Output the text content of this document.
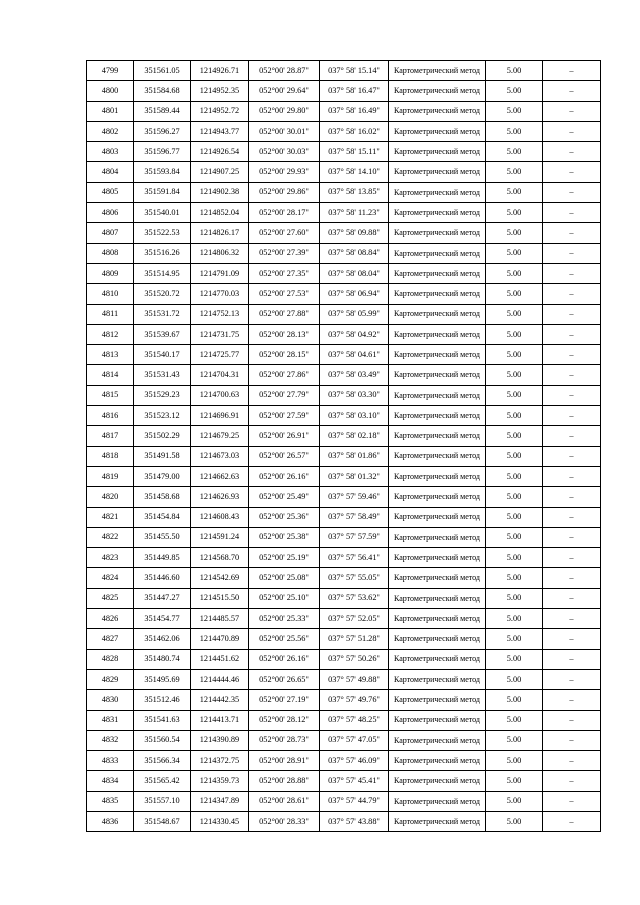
4799	351561.05	1214926.71	052°00' 28.87"	037° 58' 15.14"	Картометрический метод	5.00	–
4800	351584.68	1214952.35	052°00' 29.64"	037° 58' 16.47"	Картометрический метод	5.00	–
4801	351589.44	1214952.72	052°00' 29.80"	037° 58' 16.49"	Картометрический метод	5.00	–
4802	351596.27	1214943.77	052°00' 30.01"	037° 58' 16.02"	Картометрический метод	5.00	–
4803	351596.77	1214926.54	052°00' 30.03"	037° 58' 15.11"	Картометрический метод	5.00	–
4804	351593.84	1214907.25	052°00' 29.93"	037° 58' 14.10"	Картометрический метод	5.00	–
4805	351591.84	1214902.38	052°00' 29.86"	037° 58' 13.85"	Картометрический метод	5.00	–
4806	351540.01	1214852.04	052°00' 28.17"	037° 58' 11.23"	Картометрический метод	5.00	–
4807	351522.53	1214826.17	052°00' 27.60"	037° 58' 09.88"	Картометрический метод	5.00	–
4808	351516.26	1214806.32	052°00' 27.39"	037° 58' 08.84"	Картометрический метод	5.00	–
4809	351514.95	1214791.09	052°00' 27.35"	037° 58' 08.04"	Картометрический метод	5.00	–
4810	351520.72	1214770.03	052°00' 27.53"	037° 58' 06.94"	Картометрический метод	5.00	–
4811	351531.72	1214752.13	052°00' 27.88"	037° 58' 05.99"	Картометрический метод	5.00	–
4812	351539.67	1214731.75	052°00' 28.13"	037° 58' 04.92"	Картометрический метод	5.00	–
4813	351540.17	1214725.77	052°00' 28.15"	037° 58' 04.61"	Картометрический метод	5.00	–
4814	351531.43	1214704.31	052°00' 27.86"	037° 58' 03.49"	Картометрический метод	5.00	–
4815	351529.23	1214700.63	052°00' 27.79"	037° 58' 03.30"	Картометрический метод	5.00	–
4816	351523.12	1214696.91	052°00' 27.59"	037° 58' 03.10"	Картометрический метод	5.00	–
4817	351502.29	1214679.25	052°00' 26.91"	037° 58' 02.18"	Картометрический метод	5.00	–
4818	351491.58	1214673.03	052°00' 26.57"	037° 58' 01.86"	Картометрический метод	5.00	–
4819	351479.00	1214662.63	052°00' 26.16"	037° 58' 01.32"	Картометрический метод	5.00	–
4820	351458.68	1214626.93	052°00' 25.49"	037° 57' 59.46"	Картометрический метод	5.00	–
4821	351454.84	1214608.43	052°00' 25.36"	037° 57' 58.49"	Картометрический метод	5.00	–
4822	351455.50	1214591.24	052°00' 25.38"	037° 57' 57.59"	Картометрический метод	5.00	–
4823	351449.85	1214568.70	052°00' 25.19"	037° 57' 56.41"	Картометрический метод	5.00	–
4824	351446.60	1214542.69	052°00' 25.08"	037° 57' 55.05"	Картометрический метод	5.00	–
4825	351447.27	1214515.50	052°00' 25.10"	037° 57' 53.62"	Картометрический метод	5.00	–
4826	351454.77	1214485.57	052°00' 25.33"	037° 57' 52.05"	Картометрический метод	5.00	–
4827	351462.06	1214470.89	052°00' 25.56"	037° 57' 51.28"	Картометрический метод	5.00	–
4828	351480.74	1214451.62	052°00' 26.16"	037° 57' 50.26"	Картометрический метод	5.00	–
4829	351495.69	1214444.46	052°00' 26.65"	037° 57' 49.88"	Картометрический метод	5.00	–
4830	351512.46	1214442.35	052°00' 27.19"	037° 57' 49.76"	Картометрический метод	5.00	–
4831	351541.63	1214413.71	052°00' 28.12"	037° 57' 48.25"	Картометрический метод	5.00	–
4832	351560.54	1214390.89	052°00' 28.73"	037° 57' 47.05"	Картометрический метод	5.00	–
4833	351566.34	1214372.75	052°00' 28.91"	037° 57' 46.09"	Картометрический метод	5.00	–
4834	351565.42	1214359.73	052°00' 28.88"	037° 57' 45.41"	Картометрический метод	5.00	–
4835	351557.10	1214347.89	052°00' 28.61"	037° 57' 44.79"	Картометрический метод	5.00	–
4836	351548.67	1214330.45	052°00' 28.33"	037° 57' 43.88"	Картометрический метод	5.00	–
